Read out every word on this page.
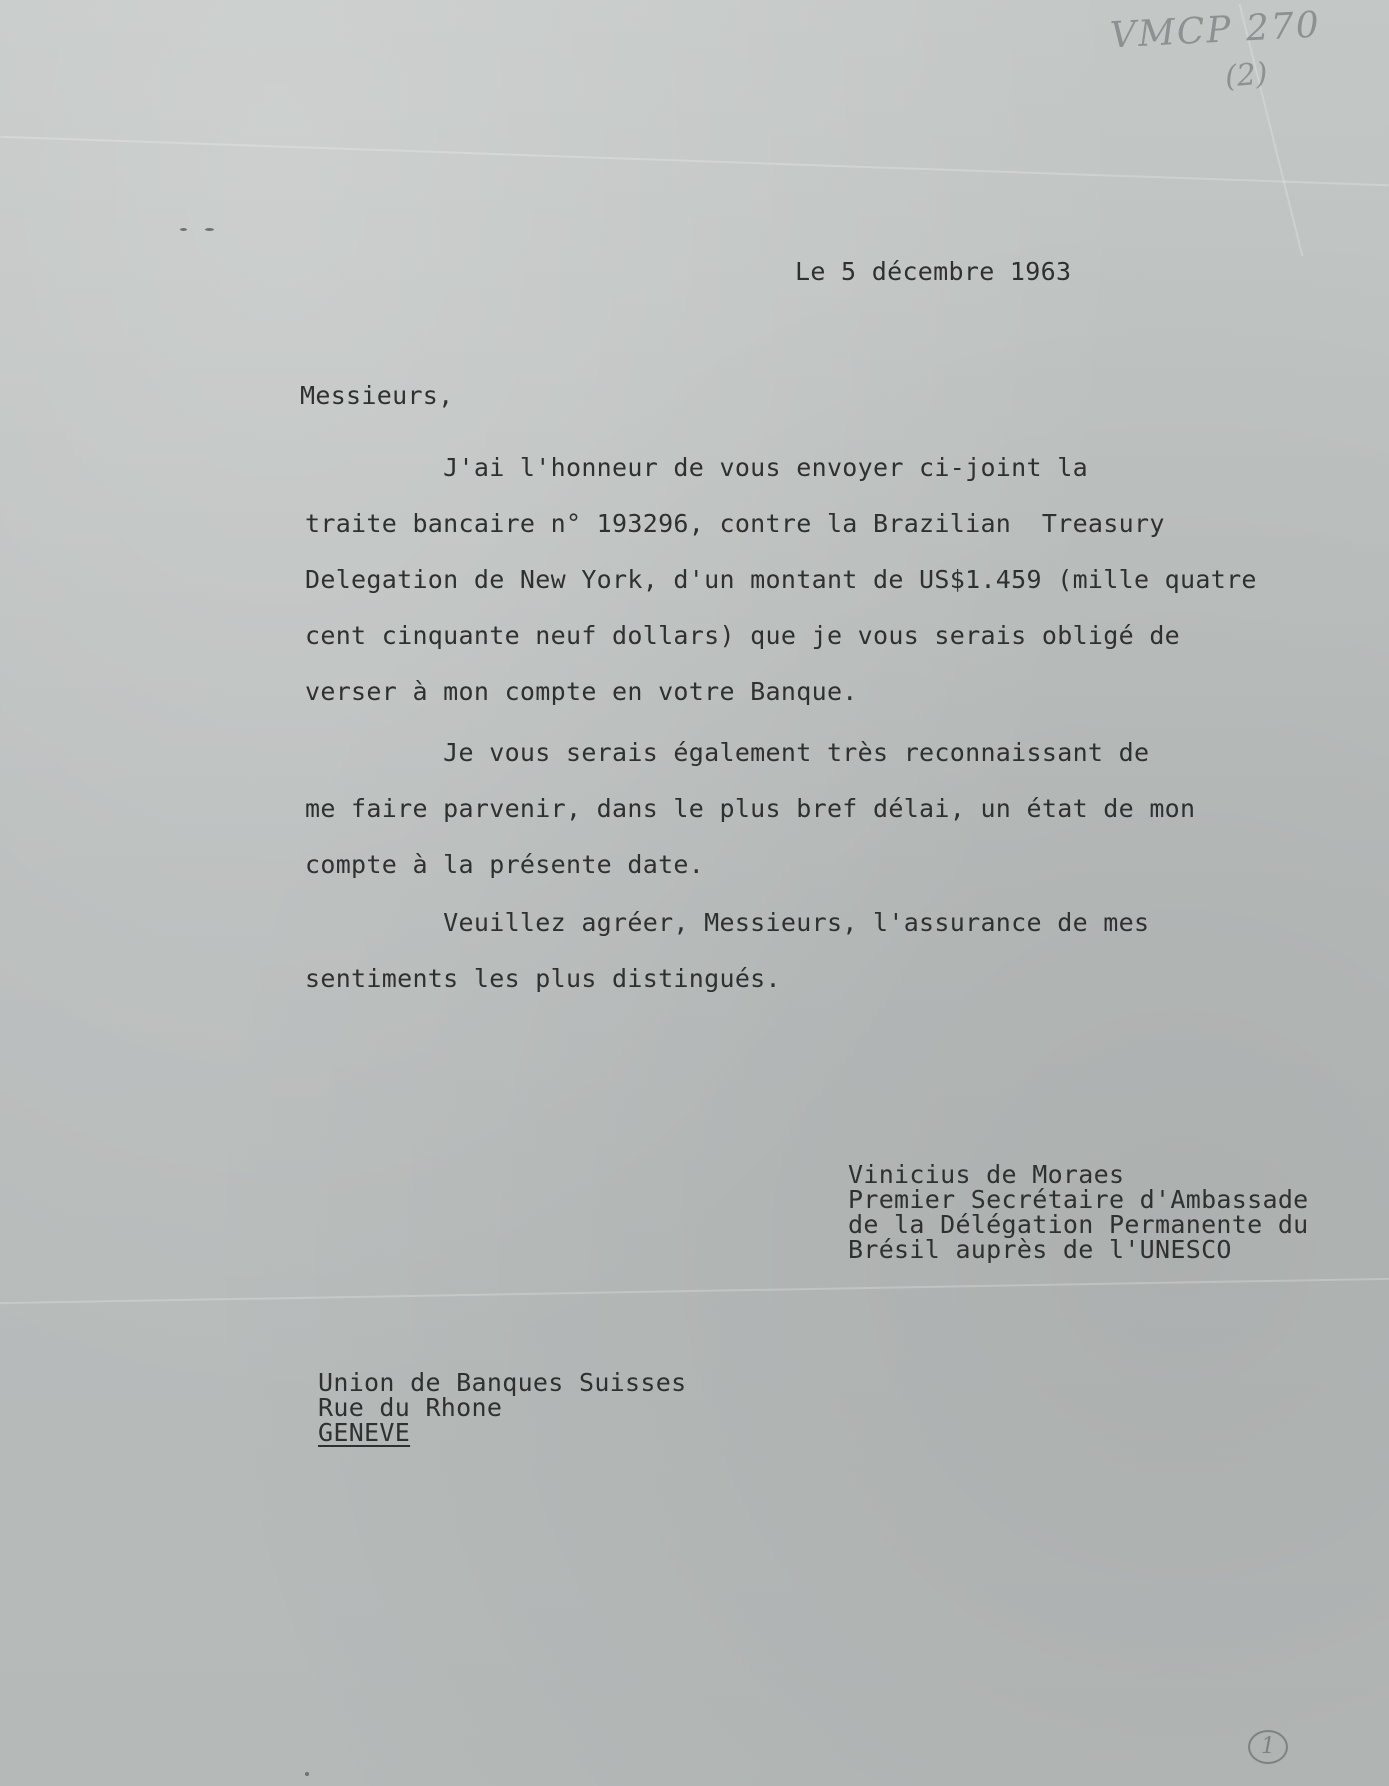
VMCP 270
(2)

Le 5 décembre 1963

Messieurs,

J'ai l'honneur de vous envoyer ci-joint la
traite bancaire n° 193296, contre la Brazilian  Treasury
Delegation de New York, d'un montant de US$1.459 (mille quatre
cent cinquante neuf dollars) que je vous serais obligé de
verser à mon compte en votre Banque.
Je vous serais également très reconnaissant de
me faire parvenir, dans le plus bref délai, un état de mon
compte à la présente date.
Veuillez agréer, Messieurs, l'assurance de mes
sentiments les plus distingués.
Vinicius de Moraes
Premier Secrétaire d'Ambassade
de la Délégation Permanente du
Brésil auprès de l'UNESCO
Union de Banques Suisses
Rue du Rhone
GENEVE
1
